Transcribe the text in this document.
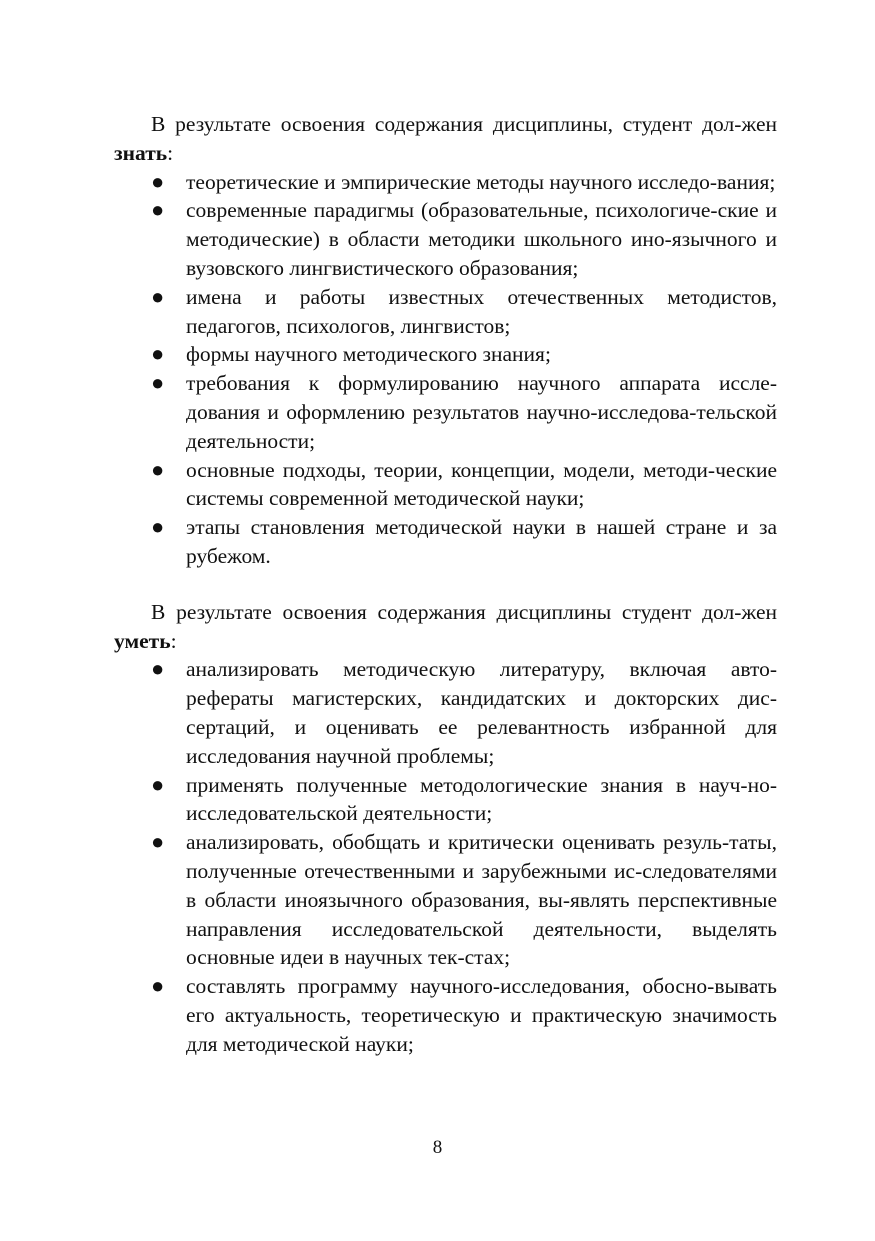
В результате освоения содержания дисциплины, студент дол-жен знать:

● теоретические и эмпирические методы научного исследо-вания;
● современные парадигмы (образовательные, психологиче-ские и методические) в области методики школьного ино-язычного и вузовского лингвистического образования;
● имена и работы известных отечественных методистов, педагогов, психологов, лингвистов;
● формы научного методического знания;
● требования к формулированию научного аппарата иссле-дования и оформлению результатов научно-исследова-тельской деятельности;
● основные подходы, теории, концепции, модели, методи-ческие системы современной методической науки;
● этапы становления методической науки в нашей стране и за рубежом.

В результате освоения содержания дисциплины студент дол-жен уметь:

● анализировать методическую литературу, включая авто-рефераты магистерских, кандидатских и докторских дис-сертаций, и оценивать ее релевантность избранной для исследования научной проблемы;
● применять полученные методологические знания в науч-но-исследовательской деятельности;
● анализировать, обобщать и критически оценивать резуль-таты, полученные отечественными и зарубежными ис-следователями в области иноязычного образования, вы-являть перспективные направления исследовательской деятельности, выделять основные идеи в научных тек-стах;
● составлять программу научного-исследования, обосно-вывать его актуальность, теоретическую и практическую значимость для методической науки;
8
